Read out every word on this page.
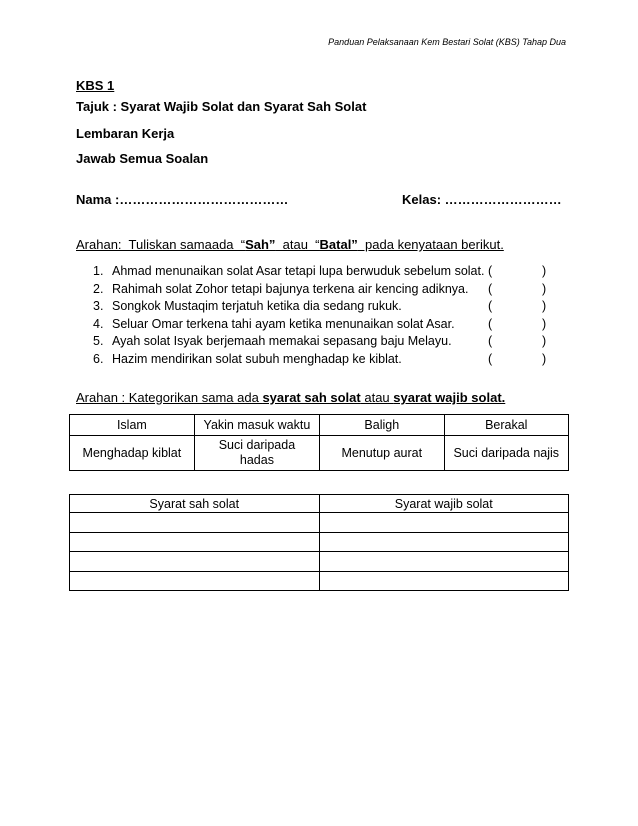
Panduan Pelaksanaan Kem Bestari Solat (KBS) Tahap Dua
KBS 1
Tajuk : Syarat Wajib Solat dan Syarat Sah Solat
Lembaran Kerja
Jawab Semua Soalan
Nama :…………………………………	Kelas: ………………………
Arahan:  Tuliskan samaada  “Sah”  atau  “Batal”  pada kenyataan berikut.
1. Ahmad menunaikan solat Asar tetapi lupa berwuduk sebelum solat. (	)
2. Rahimah solat Zohor tetapi bajunya terkena air kencing adiknya. (	)
3. Songkok Mustaqim terjatuh ketika dia sedang rukuk.	(	)
4. Seluar Omar terkena tahi ayam ketika menunaikan solat Asar.	(	)
5. Ayah solat Isyak berjemaah memakai sepasang baju Melayu.	(	)
6. Hazim mendirikan solat subuh menghadap ke kiblat.	(	)
Arahan : Kategorikan sama ada syarat sah solat atau syarat wajib solat.
Islam	Yakin masuk waktu	Baligh	Berakal
Menghadap kiblat	Suci daripada hadas	Menutup aurat	Suci daripada najis
Syarat sah solat	Syarat wajib solat
